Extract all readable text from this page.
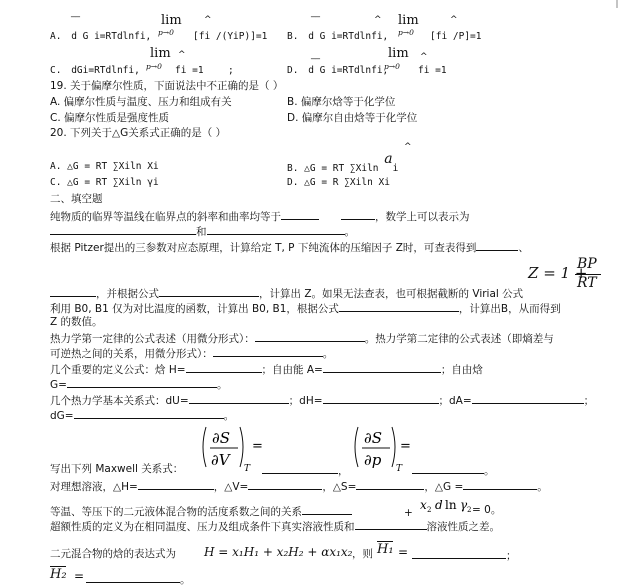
__
^
__
^	^
A. d G i=RTdlnfi,
lim
p→0 [fi /(YiP)]=1 B. d G i=RTdlnfi,
lim
p→0 [fi /P]=1
^	__	^
lim
p→0
C. dGi=RTdlnfi,	fi =1	;
lim
p→0
D. d G i=RTdlnfi,	fi =1
19. 关于偏摩尔性质，下面说法中不正确的是（ ）
A. 偏摩尔性质与温度、压力和组成有关	B. 偏摩尔焓等于化学位
C. 偏摩尔性质是强度性质	D. 偏摩尔自由焓等于化学位
20. 下列关于△G关系式正确的是（ ）
A. △G = RT ∑Xiln Xi	B. △G = RT ∑Xiln ai
^
C. △G = RT ∑Xiln γi	D. △G = R ∑Xiln Xi
二、填空题
纯物质的临界等温线在临界点的斜率和曲率均等于	，数学上可以表示为
和	。
根据 Pitzer提出的三参数对应态原理，计算给定 T, P 下纯流体的压缩因子 Z时，可查表得到	、
Z = 1 +
BP
RT
，并根据公式	，计算出 Z。如果无法查表，也可根据截断的 Virial 公式
利用 B0, B1 仅为对比温度的函数，计算出 B0, B1，根据公式	，计算出B，从而得到
Z 的数值。
热力学第一定律的公式表述（用微分形式）：	。热力学第二定律的公式表述（即熵差与
可逆热之间的关系，用微分形式）：	。
几个重要的定义公式：焓 H=	；自由能 A=	；自由焓
G=	。
几个热力学基本关系式：dU=	；dH=	；dA=	；
dG=	。
∂S
∂V T
=	∂S
∂p T
=
写出下列 Maxwell 关系式：	，	。
对理想溶液，△H=	，△V=	，△S=	，△G =	。
等温、等压下的二元液体混合物的活度系数之间的关系	+
x 2 d ln γ 2 = 0。
超额性质的定义为在相同温度、压力及组成条件下真实溶液性质和	溶液性质之差。
二元混合物的焓的表达式为 H = x₁H₁ + x₂H₂ + αx₁x₂ ，则 H₁ =	；
H₂ =	。
